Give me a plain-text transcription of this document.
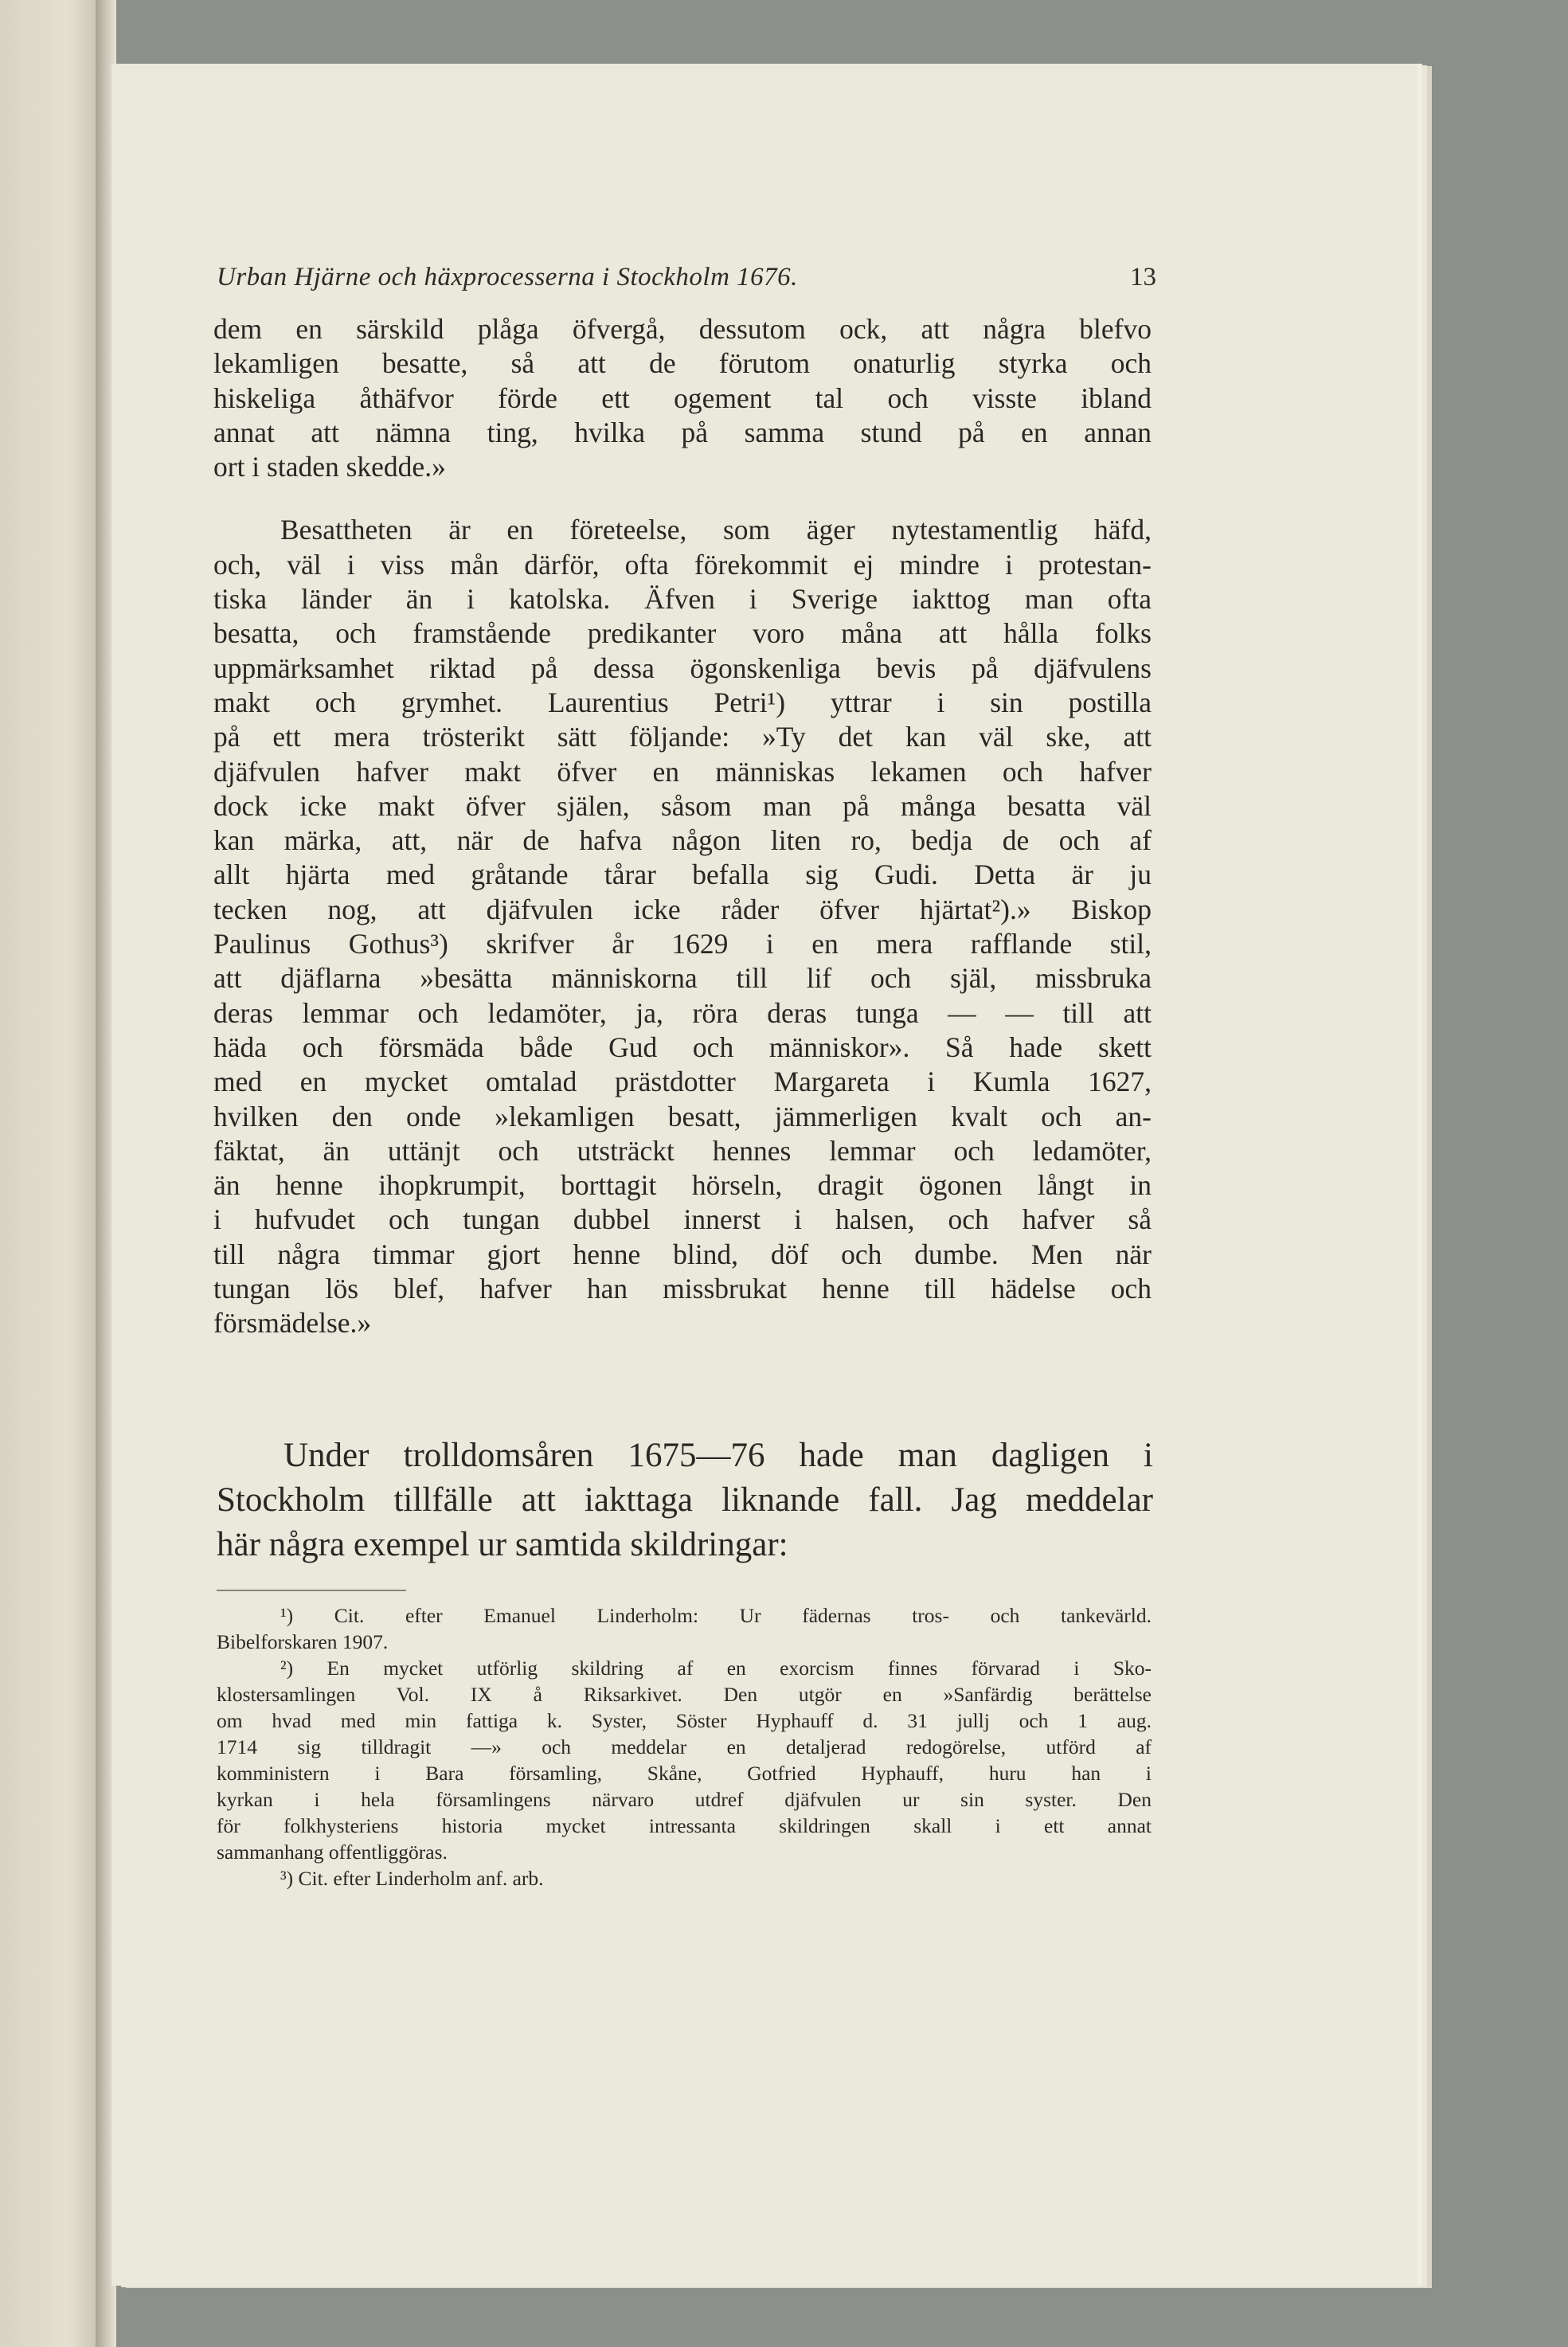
Urban Hjärne och häxprocesserna i Stockholm 1676.	13
dem en särskild plåga öfvergå, dessutom ock, att några blefvo
lekamligen besatte, så att de förutom onaturlig styrka och
hiskeliga åthäfvor förde ett ogement tal och visste ibland
annat att nämna ting, hvilka på samma stund på en annan
ort i staden skedde.»
Besattheten är en företeelse, som äger nytestamentlig häfd,
och, väl i viss mån därför, ofta förekommit ej mindre i protestan-
tiska länder än i katolska. Äfven i Sverige iakttog man ofta
besatta, och framstående predikanter voro måna att hålla folks
uppmärksamhet riktad på dessa ögonskenliga bevis på djäfvulens
makt och grymhet. Laurentius Petri¹) yttrar i sin postilla
på ett mera trösterikt sätt följande: »Ty det kan väl ske, att
djäfvulen hafver makt öfver en människas lekamen och hafver
dock icke makt öfver själen, såsom man på många besatta väl
kan märka, att, när de hafva någon liten ro, bedja de och af
allt hjärta med gråtande tårar befalla sig Gudi. Detta är ju
tecken nog, att djäfvulen icke råder öfver hjärtat²).» Biskop
Paulinus Gothus³) skrifver år 1629 i en mera rafflande stil,
att djäflarna »besätta människorna till lif och själ, missbruka
deras lemmar och ledamöter, ja, röra deras tunga — — till att
häda och försmäda både Gud och människor». Så hade skett
med en mycket omtalad prästdotter Margareta i Kumla 1627,
hvilken den onde »lekamligen besatt, jämmerligen kvalt och an-
fäktat, än uttänjt och utsträckt hennes lemmar och ledamöter,
än henne ihopkrumpit, borttagit hörseln, dragit ögonen långt in
i hufvudet och tungan dubbel innerst i halsen, och hafver så
till några timmar gjort henne blind, döf och dumbe. Men när
tungan lös blef, hafver han missbrukat henne till hädelse och
försmädelse.»
Under trolldomsåren 1675—76 hade man dagligen i
Stockholm tillfälle att iakttaga liknande fall. Jag meddelar
här några exempel ur samtida skildringar:
¹) Cit. efter Emanuel Linderholm: Ur fädernas tros- och tankevärld.
Bibelforskaren 1907.
²) En mycket utförlig skildring af en exorcism finnes förvarad i Sko-
klostersamlingen Vol. IX å Riksarkivet. Den utgör en »Sanfärdig berättelse
om hvad med min fattiga k. Syster, Söster Hyphauff d. 31 jullj och 1 aug.
1714 sig tilldragit —» och meddelar en detaljerad redogörelse, utförd af
komministern i Bara församling, Skåne, Gotfried Hyphauff, huru han i
kyrkan i hela församlingens närvaro utdref djäfvulen ur sin syster. Den
för folkhysteriens historia mycket intressanta skildringen skall i ett annat
sammanhang offentliggöras.
³) Cit. efter Linderholm anf. arb.
